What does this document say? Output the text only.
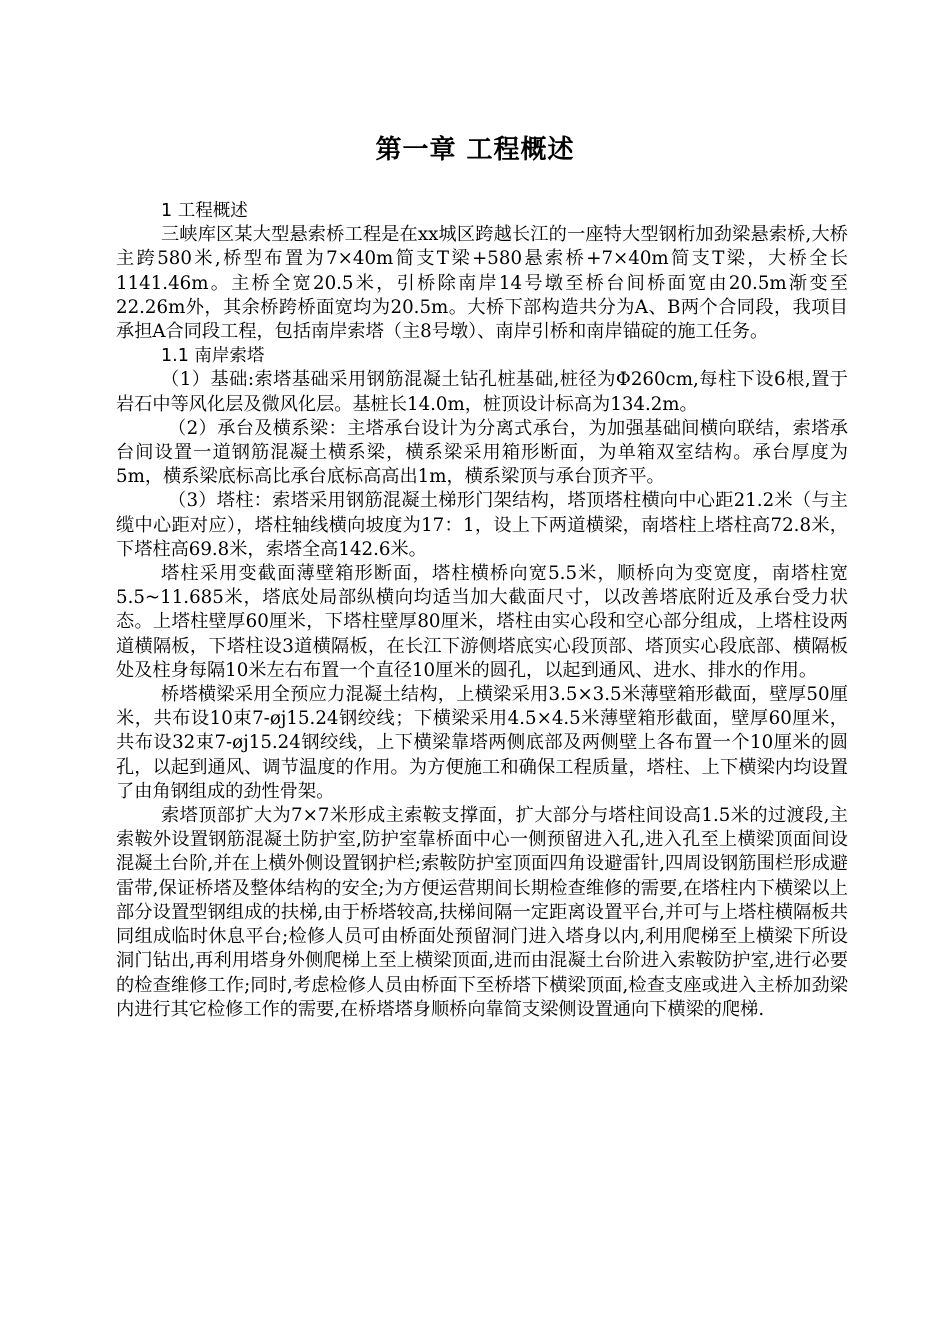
第一章 工程概述
1 工程概述

三峡库区某大型悬索桥工程是在xx城区跨越长江的一座特大型钢桁加劲梁悬索桥,大桥主跨580米,桥型布置为7×40m简支T梁+580悬索桥+7×40m简支T梁，大桥全长1141.46m。主桥全宽20.5米，引桥除南岸14号墩至桥台间桥面宽由20.5m渐变至22.26m外，其余桥跨桥面宽均为20.5m。大桥下部构造共分为A、B两个合同段，我项目承担A合同段工程，包括南岸索塔（主8号墩）、南岸引桥和南岸锚碇的施工任务。

1.1 南岸索塔

（1）基础:索塔基础采用钢筋混凝土钻孔桩基础,桩径为Φ260cm,每柱下设6根,置于岩石中等风化层及微风化层。基桩长14.0m，桩顶设计标高为134.2m。

（2）承台及横系梁：主塔承台设计为分离式承台，为加强基础间横向联结，索塔承台间设置一道钢筋混凝土横系梁，横系梁采用箱形断面，为单箱双室结构。承台厚度为5m，横系梁底标高比承台底标高高出1m，横系梁顶与承台顶齐平。

（3）塔柱：索塔采用钢筋混凝土梯形门架结构，塔顶塔柱横向中心距21.2米（与主缆中心距对应），塔柱轴线横向坡度为17：1，设上下两道横梁，南塔柱上塔柱高72.8米，下塔柱高69.8米，索塔全高142.6米。

塔柱采用变截面薄壁箱形断面，塔柱横桥向宽5.5米，顺桥向为变宽度，南塔柱宽5.5~11.685米，塔底处局部纵横向均适当加大截面尺寸，以改善塔底附近及承台受力状态。上塔柱壁厚60厘米，下塔柱壁厚80厘米，塔柱由实心段和空心部分组成，上塔柱设两道横隔板，下塔柱设3道横隔板，在长江下游侧塔底实心段顶部、塔顶实心段底部、横隔板处及柱身每隔10米左右布置一个直径10厘米的圆孔，以起到通风、进水、排水的作用。

桥塔横梁采用全预应力混凝土结构，上横梁采用3.5×3.5米薄壁箱形截面，壁厚50厘米，共布设10束7-øj15.24钢绞线；下横梁采用4.5×4.5米薄壁箱形截面，壁厚60厘米，共布设32束7-øj15.24钢绞线，上下横梁靠塔两侧底部及两侧壁上各布置一个10厘米的圆孔，以起到通风、调节温度的作用。为方便施工和确保工程质量，塔柱、上下横梁内均设置了由角钢组成的劲性骨架。

索塔顶部扩大为7×7米形成主索鞍支撑面，扩大部分与塔柱间设高1.5米的过渡段,主索鞍外设置钢筋混凝土防护室,防护室靠桥面中心一侧预留进入孔,进入孔至上横梁顶面间设混凝土台阶,并在上横外侧设置钢护栏;索鞍防护室顶面四角设避雷针,四周设钢筋围栏形成避雷带,保证桥塔及整体结构的安全;为方便运营期间长期检查维修的需要,在塔柱内下横梁以上部分设置型钢组成的扶梯,由于桥塔较高,扶梯间隔一定距离设置平台,并可与上塔柱横隔板共同组成临时休息平台;检修人员可由桥面处预留洞门进入塔身以内,利用爬梯至上横梁下所设洞门钻出,再利用塔身外侧爬梯上至上横梁顶面,进而由混凝土台阶进入索鞍防护室,进行必要的检查维修工作;同时,考虑检修人员由桥面下至桥塔下横梁顶面,检查支座或进入主桥加劲梁内进行其它检修工作的需要,在桥塔塔身顺桥向靠简支梁侧设置通向下横梁的爬梯.
